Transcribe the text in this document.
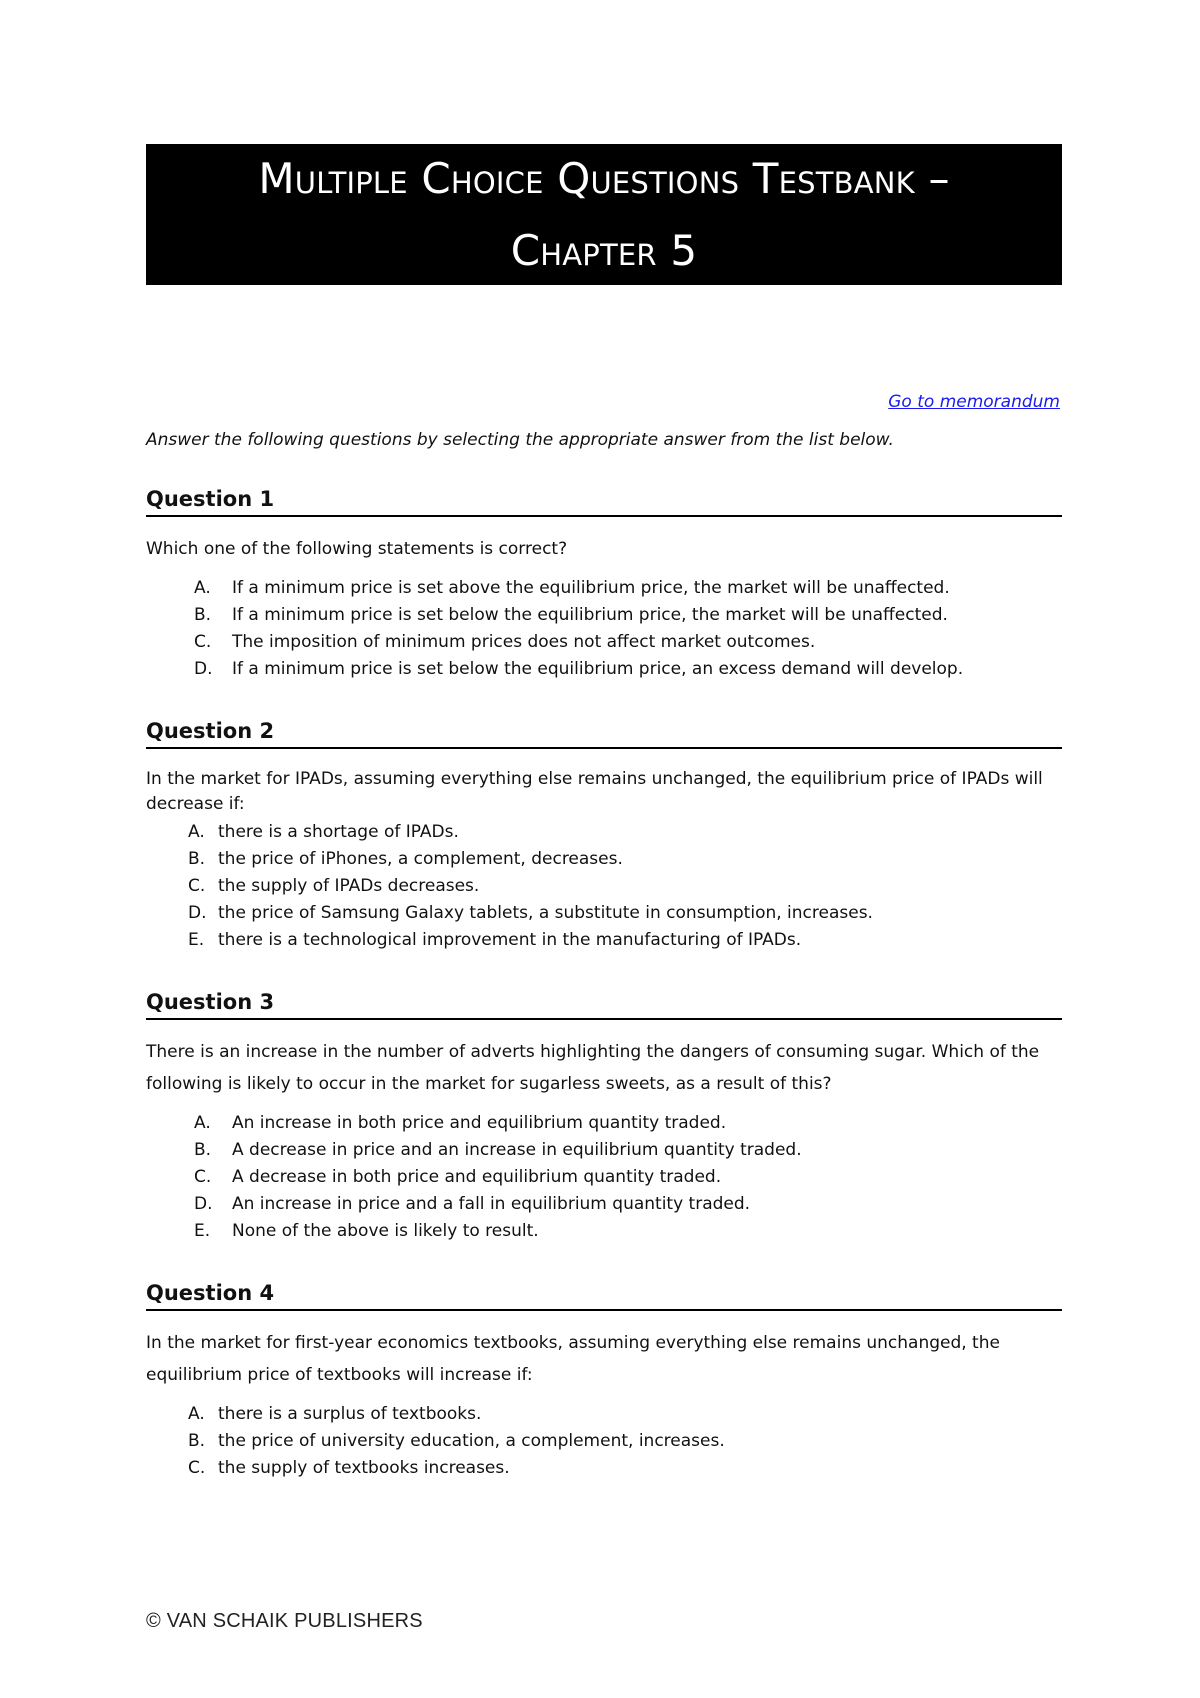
Multiple Choice Questions Testbank –
Chapter 5
Go to memorandum
Answer the following questions by selecting the appropriate answer from the list below.
Question 1
Which one of the following statements is correct?
A.	If a minimum price is set above the equilibrium price, the market will be unaffected.
B.	If a minimum price is set below the equilibrium price, the market will be unaffected.
C.	The imposition of minimum prices does not affect market outcomes.
D.	If a minimum price is set below the equilibrium price, an excess demand will develop.
Question 2
In the market for IPADs, assuming everything else remains unchanged, the equilibrium price of IPADs will decrease if:
A. there is a shortage of IPADs.
B. the price of iPhones, a complement, decreases.
C. the supply of IPADs decreases.
D. the price of Samsung Galaxy tablets, a substitute in consumption, increases.
E. there is a technological improvement in the manufacturing of IPADs.
Question 3
There is an increase in the number of adverts highlighting the dangers of consuming sugar. Which of the following is likely to occur in the market for sugarless sweets, as a result of this?
A.	An increase in both price and equilibrium quantity traded.
B.	A decrease in price and an increase in equilibrium quantity traded.
C.	A decrease in both price and equilibrium quantity traded.
D.	An increase in price and a fall in equilibrium quantity traded.
E.	None of the above is likely to result.
Question 4
In the market for first-year economics textbooks, assuming everything else remains unchanged, the equilibrium price of textbooks will increase if:
A. there is a surplus of textbooks.
B. the price of university education, a complement, increases.
C. the supply of textbooks increases.
© VAN SCHAIK PUBLISHERS
